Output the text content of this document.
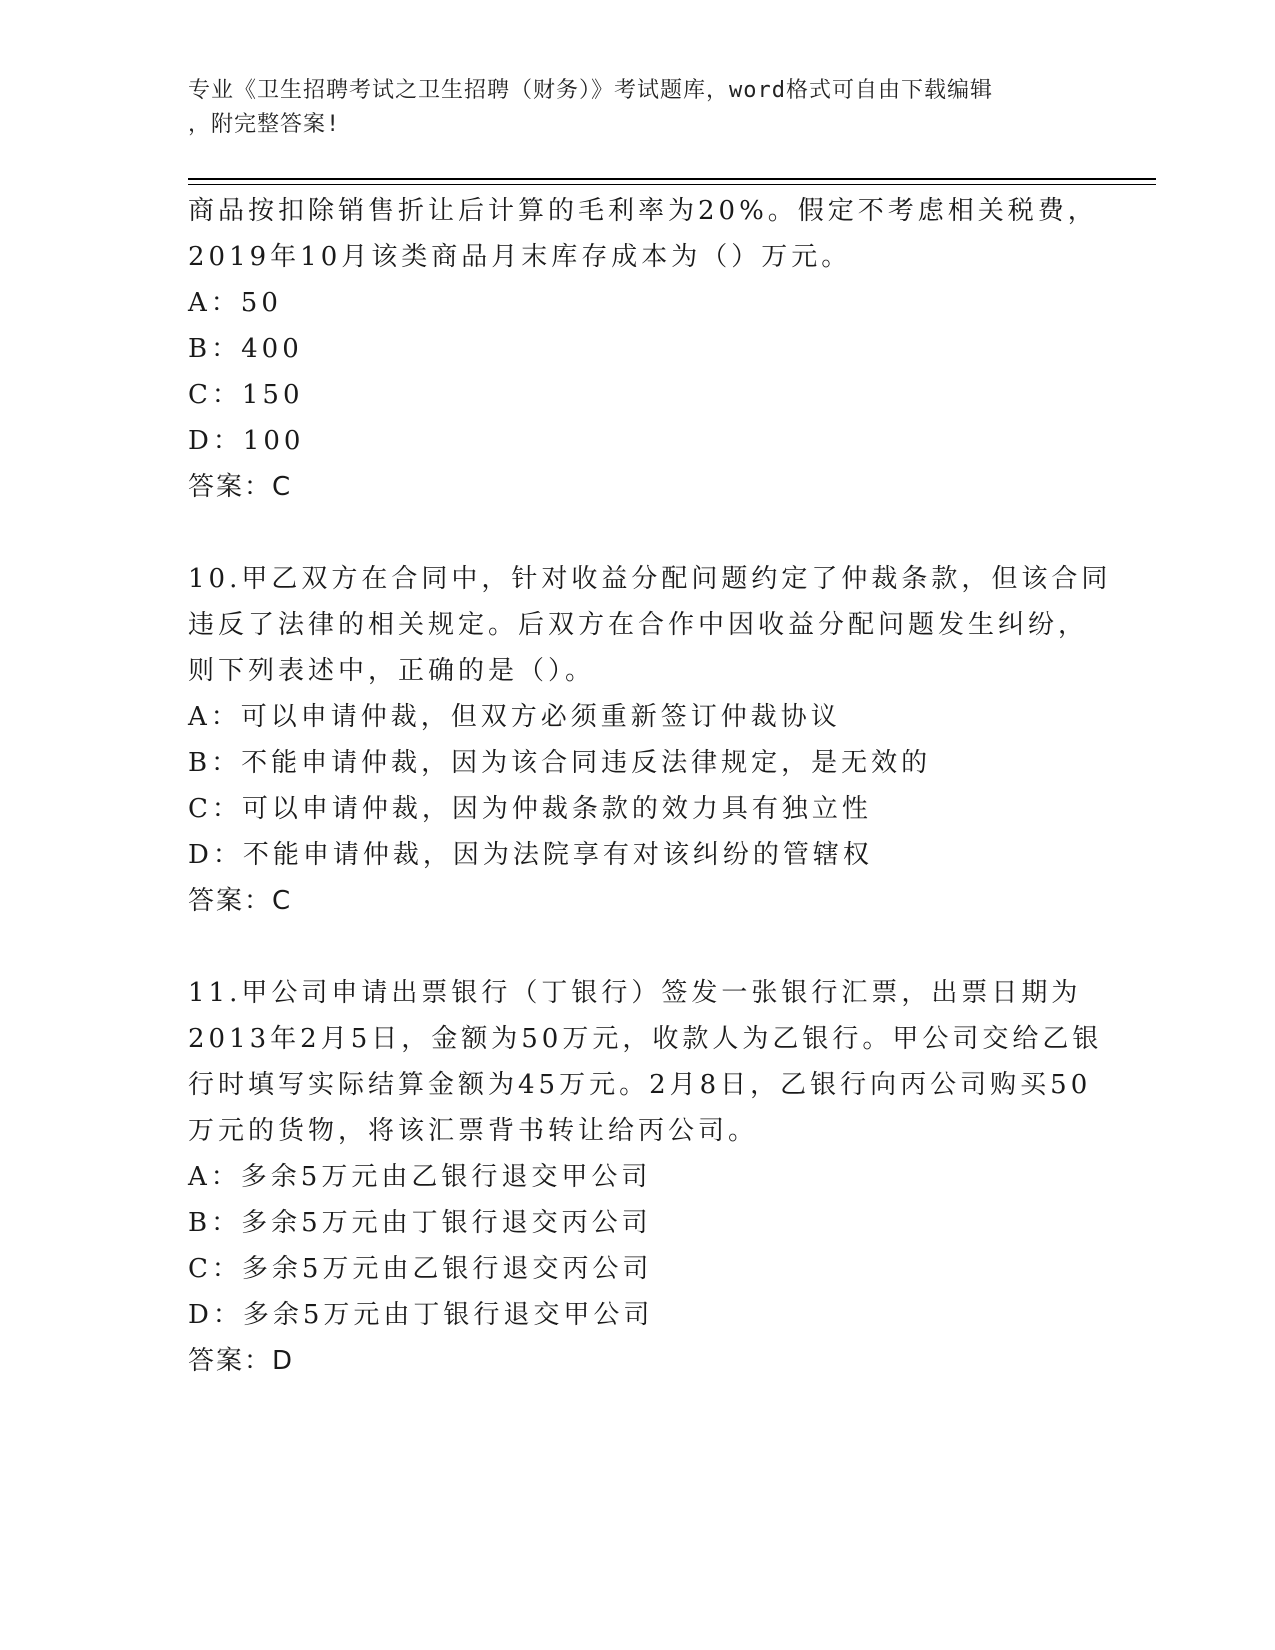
专业《卫生招聘考试之卫生招聘（财务）》考试题库，word格式可自由下载编辑
，附完整答案!
商品按扣除销售折让后计算的毛利率为20%。假定不考虑相关税费，
2019年10月该类商品月末库存成本为（）万元。
A：50
B：400
C：150
D：100
答案：C
10.甲乙双方在合同中，针对收益分配问题约定了仲裁条款，但该合同
违反了法律的相关规定。后双方在合作中因收益分配问题发生纠纷，
则下列表述中，正确的是（）。
A：可以申请仲裁，但双方必须重新签订仲裁协议
B：不能申请仲裁，因为该合同违反法律规定，是无效的
C：可以申请仲裁，因为仲裁条款的效力具有独立性
D：不能申请仲裁，因为法院享有对该纠纷的管辖权
答案：C
11.甲公司申请出票银行（丁银行）签发一张银行汇票，出票日期为
2013年2月5日，金额为50万元，收款人为乙银行。甲公司交给乙银
行时填写实际结算金额为45万元。2月8日，乙银行向丙公司购买50
万元的货物，将该汇票背书转让给丙公司。
A：多余5万元由乙银行退交甲公司
B：多余5万元由丁银行退交丙公司
C：多余5万元由乙银行退交丙公司
D：多余5万元由丁银行退交甲公司
答案：D
